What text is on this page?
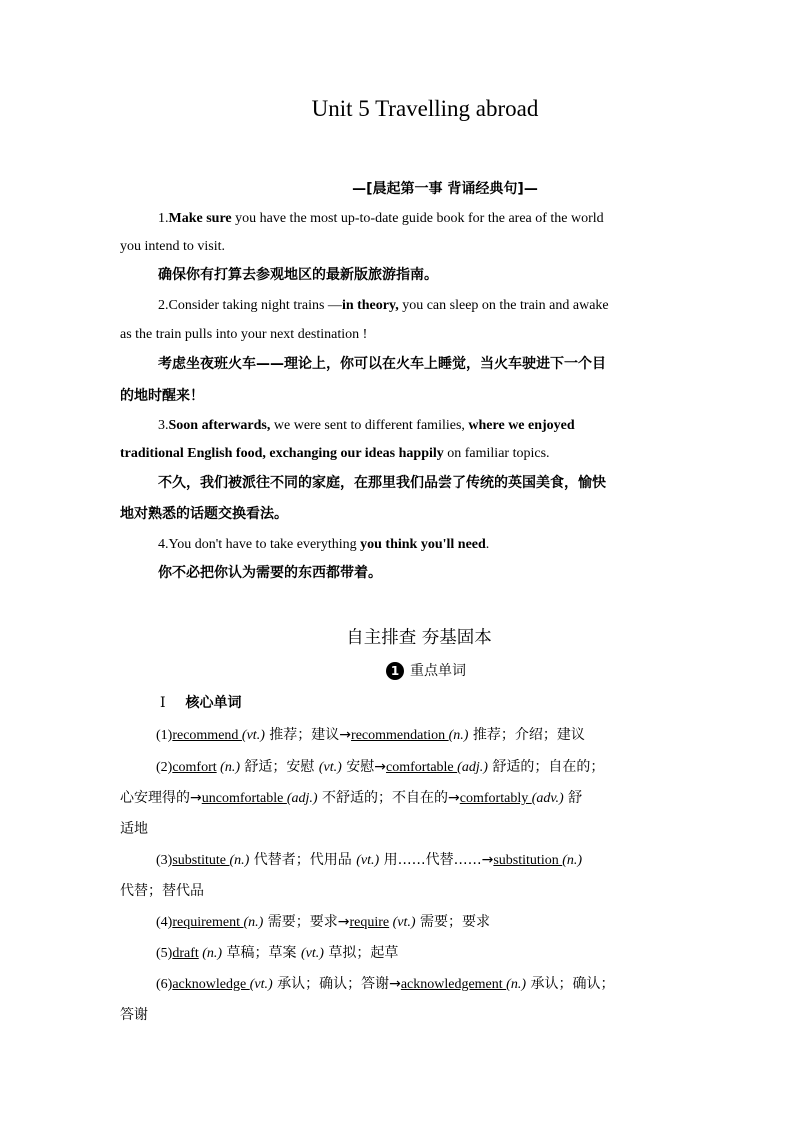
Unit 5 Travelling abroad
—[晨起第一事 背诵经典句]—
1.Make sure you have the most up-to-date guide book for the area of the world
you intend to visit.
确保你有打算去参观地区的最新版旅游指南。
2.Consider taking night trains —in theory, you can sleep on the train and awake
as the train pulls into your next destination !
考虑坐夜班火车——理论上，你可以在火车上睡觉，当火车驶进下一个目
的地时醒来！
3.Soon afterwards, we were sent to different families, where we enjoyed
traditional English food, exchanging our ideas happily on familiar topics.
不久，我们被派往不同的家庭，在那里我们品尝了传统的英国美食，愉快
地对熟悉的话题交换看法。
4.You don't have to take everything you think you'll need.
你不必把你认为需要的东西都带着。
自主排查 夯基固本
1 重点单词
Ⅰ 核心单词
(1)recommend (vt.) 推荐；建议→recommendation (n.) 推荐；介绍；建议
(2)comfort (n.) 舒适；安慰 (vt.) 安慰→comfortable (adj.) 舒适的；自在的；
心安理得的→uncomfortable (adj.) 不舒适的；不自在的→comfortably (adv.) 舒
适地
(3)substitute (n.) 代替者；代用品 (vt.) 用……代替……→substitution (n.)
代替；替代品
(4)requirement (n.) 需要；要求→require (vt.) 需要；要求
(5)draft (n.) 草稿；草案 (vt.) 草拟；起草
(6)acknowledge (vt.) 承认；确认；答谢→acknowledgement (n.) 承认；确认；
答谢
